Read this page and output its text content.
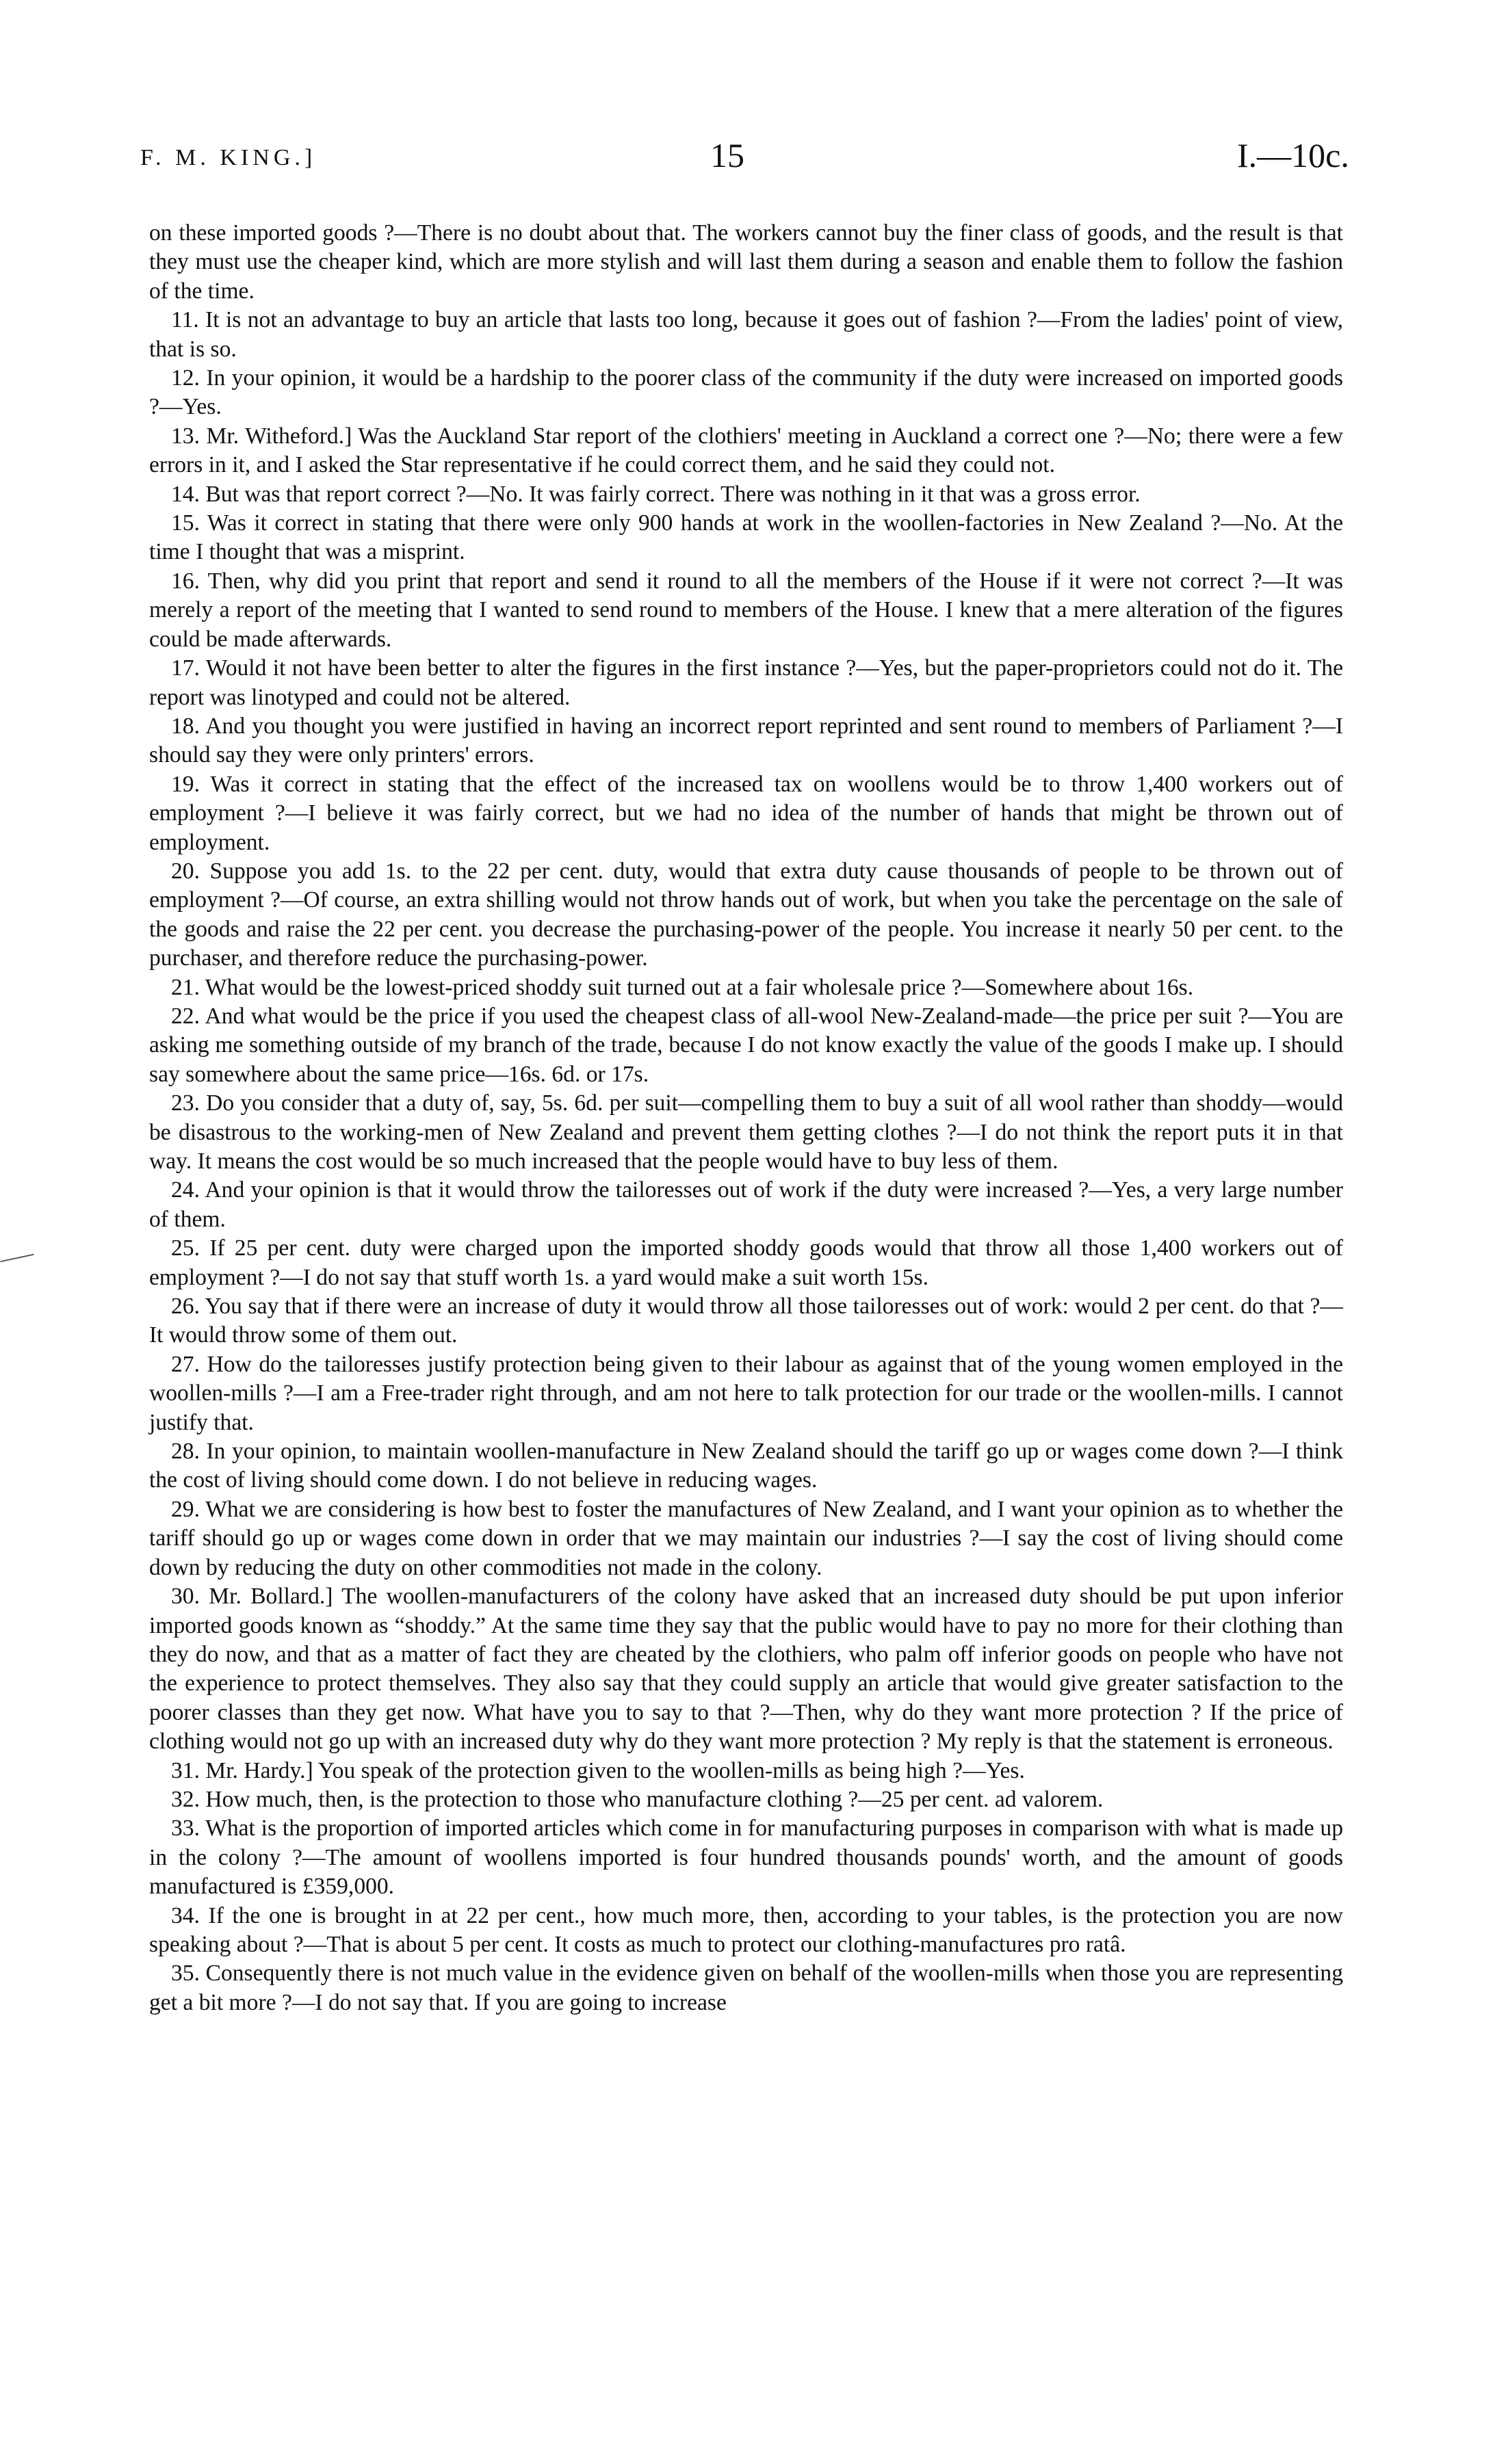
F. M. KING.]	15	I.—10c.

on these imported goods ?—There is no doubt about that. The workers cannot buy the finer class of goods, and the result is that they must use the cheaper kind, which are more stylish and will last them during a season and enable them to follow the fashion of the time.

11. It is not an advantage to buy an article that lasts too long, because it goes out of fashion ?—From the ladies' point of view, that is so.

12. In your opinion, it would be a hardship to the poorer class of the community if the duty were increased on imported goods ?—Yes.

13. Mr. Witheford.] Was the Auckland Star report of the clothiers' meeting in Auckland a correct one ?—No; there were a few errors in it, and I asked the Star representative if he could correct them, and he said they could not.

14. But was that report correct ?—No. It was fairly correct. There was nothing in it that was a gross error.

15. Was it correct in stating that there were only 900 hands at work in the woollen-factories in New Zealand ?—No. At the time I thought that was a misprint.

16. Then, why did you print that report and send it round to all the members of the House if it were not correct ?—It was merely a report of the meeting that I wanted to send round to members of the House. I knew that a mere alteration of the figures could be made afterwards.

17. Would it not have been better to alter the figures in the first instance ?—Yes, but the paper-proprietors could not do it. The report was linotyped and could not be altered.

18. And you thought you were justified in having an incorrect report reprinted and sent round to members of Parliament ?—I should say they were only printers' errors.

19. Was it correct in stating that the effect of the increased tax on woollens would be to throw 1,400 workers out of employment ?—I believe it was fairly correct, but we had no idea of the number of hands that might be thrown out of employment.

20. Suppose you add 1s. to the 22 per cent. duty, would that extra duty cause thousands of people to be thrown out of employment ?—Of course, an extra shilling would not throw hands out of work, but when you take the percentage on the sale of the goods and raise the 22 per cent. you decrease the purchasing-power of the people. You increase it nearly 50 per cent. to the purchaser, and therefore reduce the purchasing-power.

21. What would be the lowest-priced shoddy suit turned out at a fair wholesale price ?—Somewhere about 16s.

22. And what would be the price if you used the cheapest class of all-wool New-Zealand-made—the price per suit ?—You are asking me something outside of my branch of the trade, because I do not know exactly the value of the goods I make up. I should say somewhere about the same price—16s. 6d. or 17s.

23. Do you consider that a duty of, say, 5s. 6d. per suit—compelling them to buy a suit of all wool rather than shoddy—would be disastrous to the working-men of New Zealand and prevent them getting clothes ?—I do not think the report puts it in that way. It means the cost would be so much increased that the people would have to buy less of them.

24. And your opinion is that it would throw the tailoresses out of work if the duty were increased ?—Yes, a very large number of them.

25. If 25 per cent. duty were charged upon the imported shoddy goods would that throw all those 1,400 workers out of employment ?—I do not say that stuff worth 1s. a yard would make a suit worth 15s.

26. You say that if there were an increase of duty it would throw all those tailoresses out of work: would 2 per cent. do that ?—It would throw some of them out.

27. How do the tailoresses justify protection being given to their labour as against that of the young women employed in the woollen-mills ?—I am a Free-trader right through, and am not here to talk protection for our trade or the woollen-mills. I cannot justify that.

28. In your opinion, to maintain woollen-manufacture in New Zealand should the tariff go up or wages come down ?—I think the cost of living should come down. I do not believe in reducing wages.

29. What we are considering is how best to foster the manufactures of New Zealand, and I want your opinion as to whether the tariff should go up or wages come down in order that we may maintain our industries ?—I say the cost of living should come down by reducing the duty on other commodities not made in the colony.

30. Mr. Bollard.] The woollen-manufacturers of the colony have asked that an increased duty should be put upon inferior imported goods known as “shoddy.” At the same time they say that the public would have to pay no more for their clothing than they do now, and that as a matter of fact they are cheated by the clothiers, who palm off inferior goods on people who have not the experience to protect themselves. They also say that they could supply an article that would give greater satisfaction to the poorer classes than they get now. What have you to say to that ?—Then, why do they want more protection ? If the price of clothing would not go up with an increased duty why do they want more protection ? My reply is that the statement is erroneous.

31. Mr. Hardy.] You speak of the protection given to the woollen-mills as being high ?—Yes.

32. How much, then, is the protection to those who manufacture clothing ?—25 per cent. ad valorem.

33. What is the proportion of imported articles which come in for manufacturing purposes in comparison with what is made up in the colony ?—The amount of woollens imported is four hundred thousands pounds' worth, and the amount of goods manufactured is £359,000.

34. If the one is brought in at 22 per cent., how much more, then, according to your tables, is the protection you are now speaking about ?—That is about 5 per cent. It costs as much to protect our clothing-manufactures pro ratâ.

35. Consequently there is not much value in the evidence given on behalf of the woollen-mills when those you are representing get a bit more ?—I do not say that. If you are going to increase
